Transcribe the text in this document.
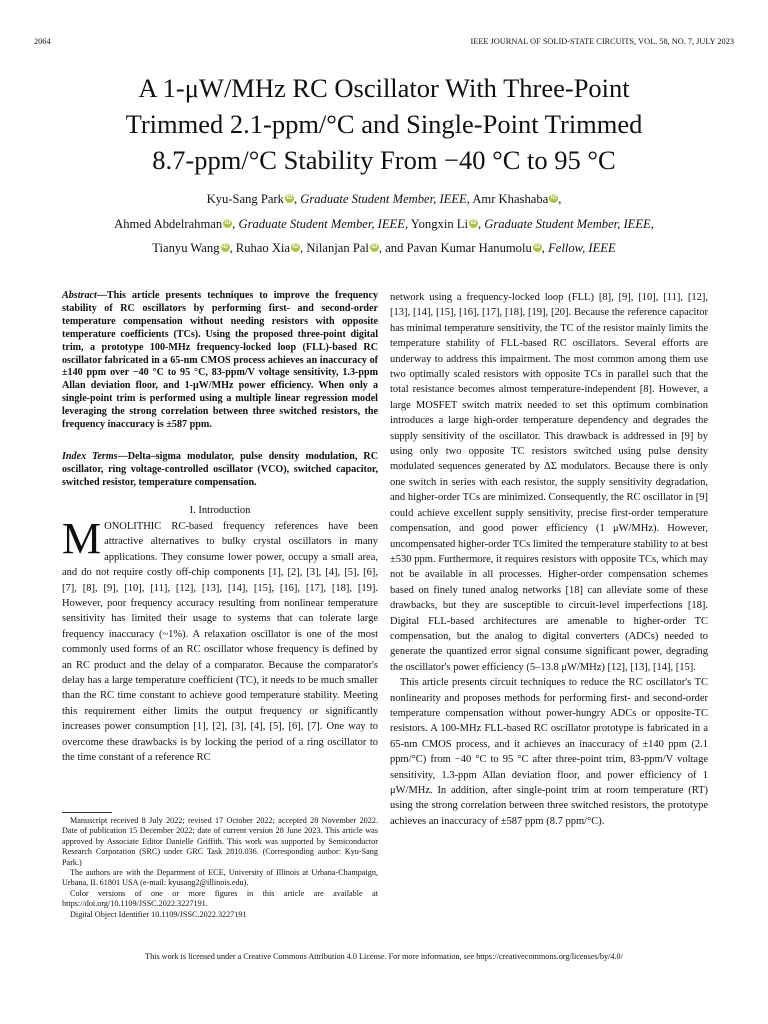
2064	IEEE JOURNAL OF SOLID-STATE CIRCUITS, VOL. 58, NO. 7, JULY 2023
A 1-μW/MHz RC Oscillator With Three-Point
Trimmed 2.1-ppm/°C and Single-Point Trimmed
8.7-ppm/°C Stability From −40 °C to 95 °C
Kyu-Sang Park iD , Graduate Student Member, IEEE, Amr Khashaba iD ,
Ahmed Abdelrahman iD , Graduate Student Member, IEEE, Yongxin Li iD , Graduate Student Member, IEEE,
Tianyu Wang iD , Ruhao Xia iD , Nilanjan Pal iD , and Pavan Kumar Hanumolu iD , Fellow, IEEE
Abstract—This article presents techniques to improve the frequency stability of RC oscillators by performing first- and second-order temperature compensation without needing resistors with opposite temperature coefficients (TCs). Using the proposed three-point digital trim, a prototype 100-MHz frequency-locked loop (FLL)-based RC oscillator fabricated in a 65-nm CMOS process achieves an inaccuracy of ±140 ppm over −40 °C to 95 °C, 83-ppm/V voltage sensitivity, 1.3-ppm Allan deviation floor, and 1-μW/MHz power efficiency. When only a single-point trim is performed using a multiple linear regression model leveraging the strong correlation between three switched resistors, the frequency inaccuracy is ±587 ppm.
Index Terms—Delta–sigma modulator, pulse density modulation, RC oscillator, ring voltage-controlled oscillator (VCO), switched capacitor, switched resistor, temperature compensation.
I. Introduction
MONOLITHIC RC-based frequency references have been attractive alternatives to bulky crystal oscillators in many applications. They consume lower power, occupy a small area, and do not require costly off-chip components [1], [2], [3], [4], [5], [6], [7], [8], [9], [10], [11], [12], [13], [14], [15], [16], [17], [18], [19]. However, poor frequency accuracy resulting from nonlinear temperature sensitivity has limited their usage to systems that can tolerate large frequency inaccuracy (~1%). A relaxation oscillator is one of the most commonly used forms of an RC oscillator whose frequency is defined by an RC product and the delay of a comparator. Because the comparator's delay has a large temperature coefficient (TC), it needs to be much smaller than the RC time constant to achieve good temperature stability. Meeting this requirement either limits the output frequency or significantly increases power consumption [1], [2], [3], [4], [5], [6], [7]. One way to overcome these drawbacks is by locking the period of a ring oscillator to the time constant of a reference RC

Manuscript received 8 July 2022; revised 17 October 2022; accepted 28 November 2022. Date of publication 15 December 2022; date of current version 28 June 2023. This article was approved by Associate Editor Danielle Griffith. This work was supported by Semiconductor Research Corporation (SRC) under GRC Task 2810.036. (Corresponding author: Kyu-Sang Park.)

The authors are with the Department of ECE, University of Illinois at Urbana-Champaign, Urbana, IL 61801 USA (e-mail: kyusang2@illinois.edu).

Color versions of one or more figures in this article are available at https://doi.org/10.1109/JSSC.2022.3227191.

Digital Object Identifier 10.1109/JSSC.2022.3227191

network using a frequency-locked loop (FLL) [8], [9], [10], [11], [12], [13], [14], [15], [16], [17], [18], [19], [20]. Because the reference capacitor has minimal temperature sensitivity, the TC of the resistor mainly limits the temperature stability of FLL-based RC oscillators. Several efforts are underway to address this impairment. The most common among them use two optimally scaled resistors with opposite TCs in parallel such that the total resistance becomes almost temperature-independent [8]. However, a large MOSFET switch matrix needed to set this optimum combination introduces a large high-order temperature dependency and degrades the supply sensitivity of the oscillator. This drawback is addressed in [9] by using only two opposite TC resistors switched using pulse density modulated sequences generated by ΔΣ modulators. Because there is only one switch in series with each resistor, the supply sensitivity degradation, and higher-order TCs are minimized. Consequently, the RC oscillator in [9] could achieve excellent supply sensitivity, precise first-order temperature compensation, and good power efficiency (1 μW/MHz). However, uncompensated higher-order TCs limited the temperature stability to at best ±530 ppm. Furthermore, it requires resistors with opposite TCs, which may not be available in all processes. Higher-order compensation schemes based on finely tuned analog networks [18] can alleviate some of these drawbacks, but they are susceptible to circuit-level imperfections [18]. Digital FLL-based architectures are amenable to higher-order TC compensation, but the analog to digital converters (ADCs) needed to generate the quantized error signal consume significant power, degrading the oscillator's power efficiency (5–13.8 μW/MHz) [12], [13], [14], [15].

This article presents circuit techniques to reduce the RC oscillator's TC nonlinearity and proposes methods for performing first- and second-order temperature compensation without power-hungry ADCs or opposite-TC resistors. A 100-MHz FLL-based RC oscillator prototype is fabricated in a 65-nm CMOS process, and it achieves an inaccuracy of ±140 ppm (2.1 ppm/°C) from −40 °C to 95 °C after three-point trim, 83-ppm/V voltage sensitivity, 1.3-ppm Allan deviation floor, and power efficiency of 1 μW/MHz. In addition, after single-point trim at room temperature (RT) using the strong correlation between three switched resistors, the prototype achieves an inaccuracy of ±587 ppm (8.7 ppm/°C).

This work is licensed under a Creative Commons Attribution 4.0 License. For more information, see https://creativecommons.org/licenses/by/4.0/
